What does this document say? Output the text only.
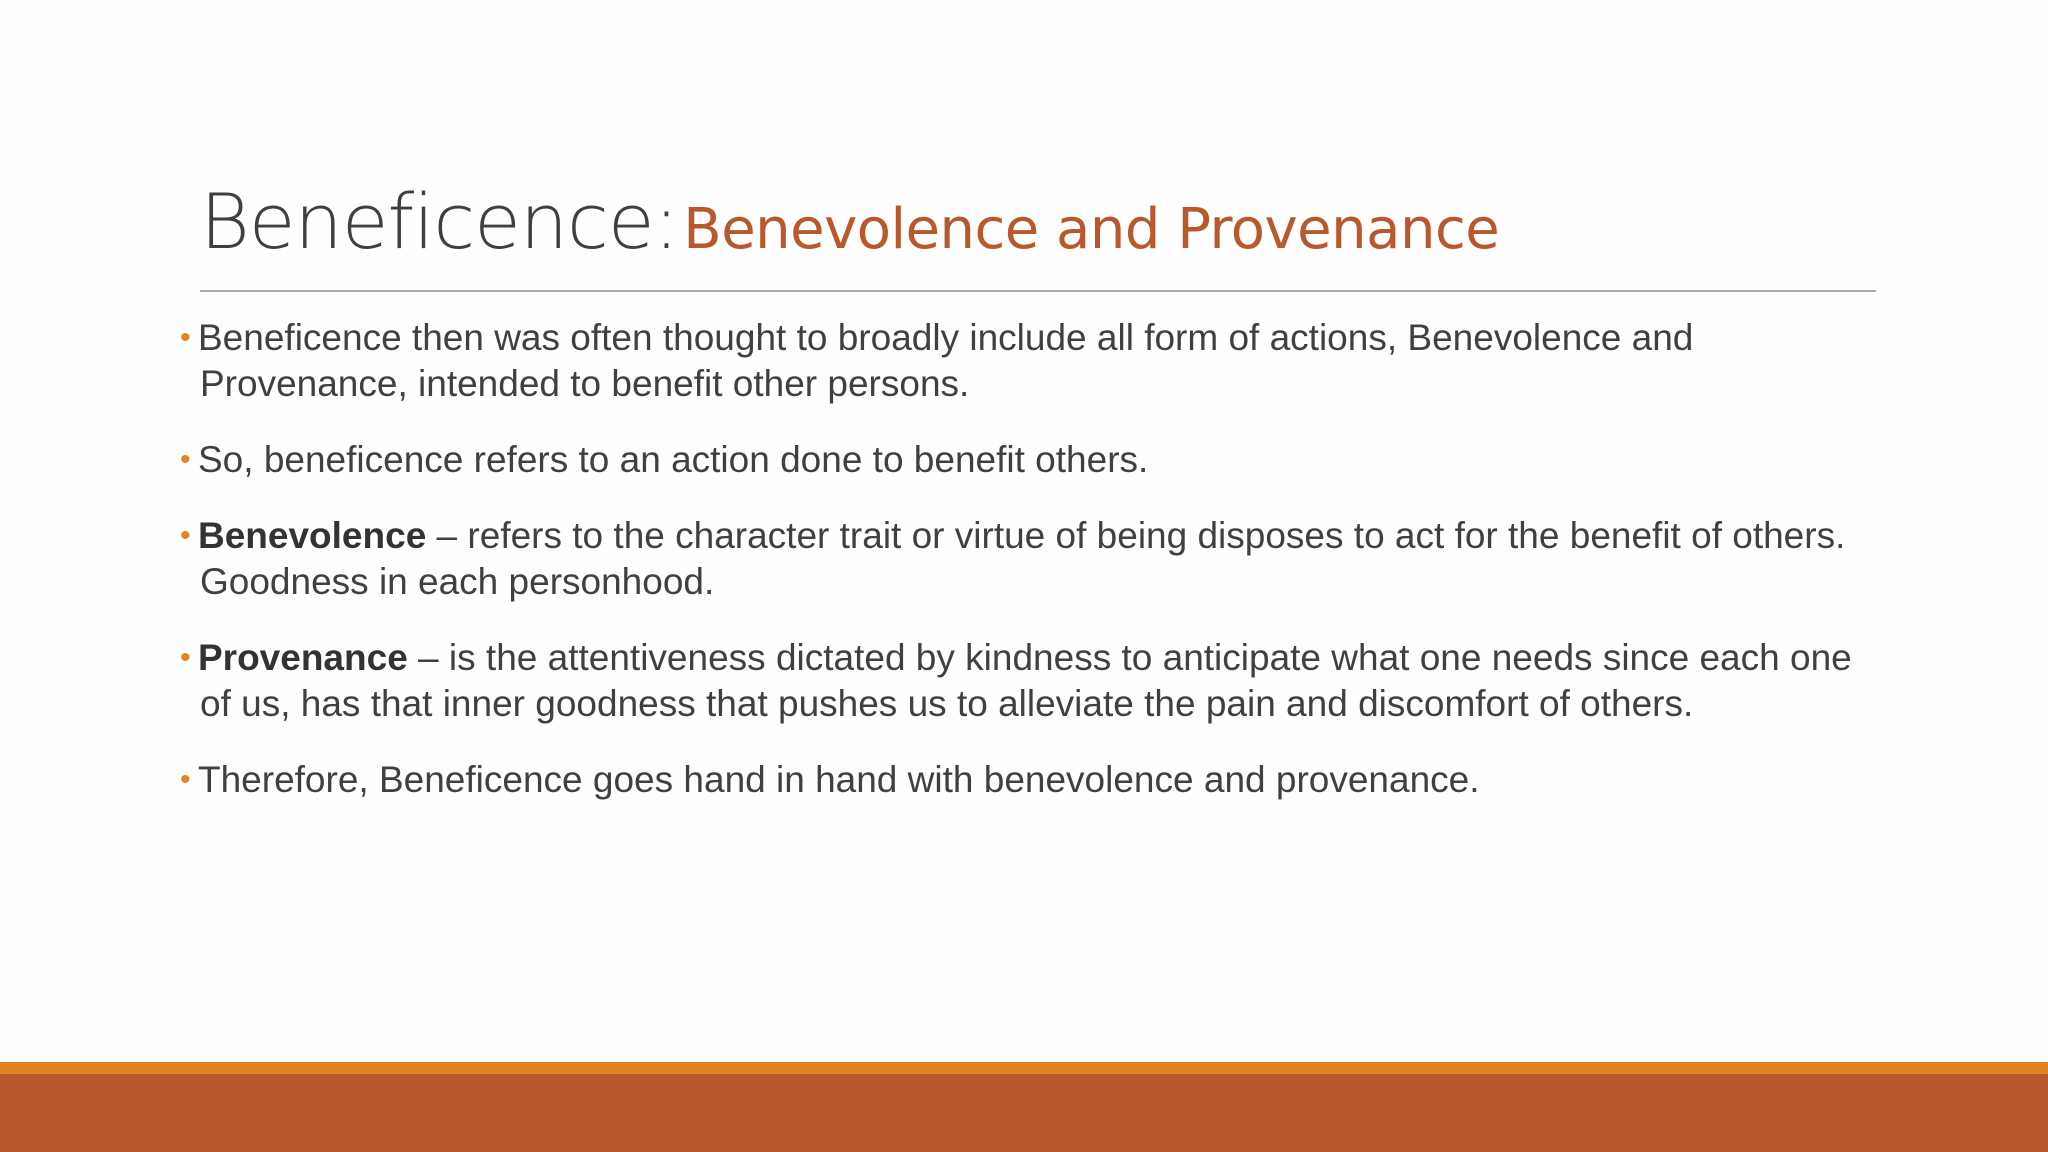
Beneficence: Benevolence and Provenance
• Beneficence then was often thought to broadly include all form of actions, Benevolence and Provenance, intended to benefit other persons.
• So, beneficence refers to an action done to benefit others.
• Benevolence – refers to the character trait or virtue of being disposes to act for the benefit of others. Goodness in each personhood.
• Provenance – is the attentiveness dictated by kindness to anticipate what one needs since each one of us, has that inner goodness that pushes us to alleviate the pain and discomfort of others.
• Therefore, Beneficence goes hand in hand with benevolence and provenance.
